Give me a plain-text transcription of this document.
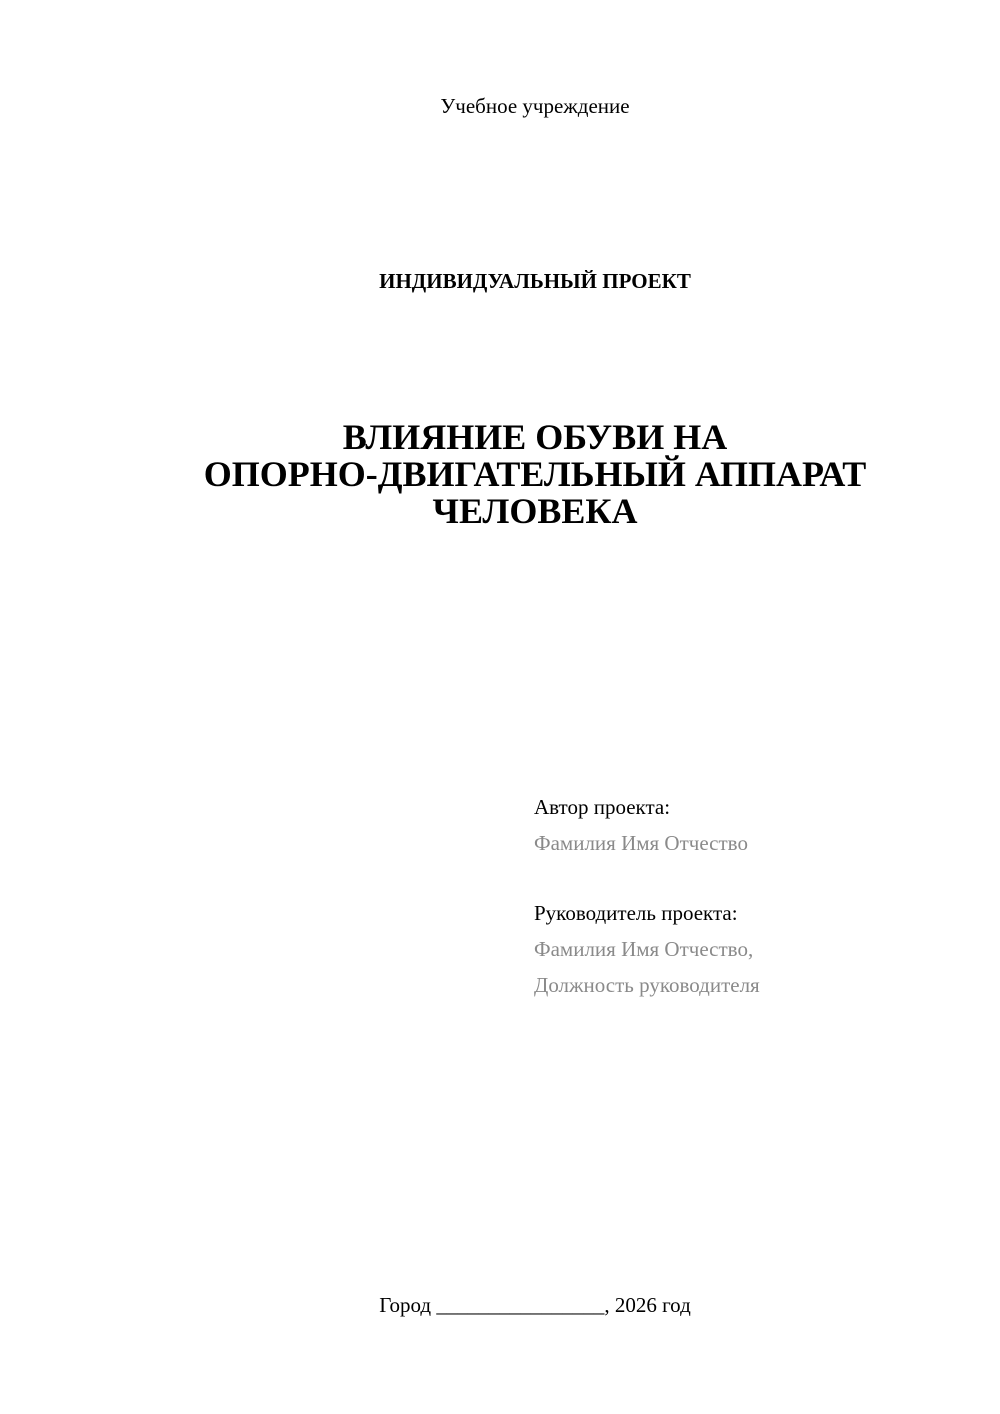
Учебное учреждение
ИНДИВИДУАЛЬНЫЙ ПРОЕКТ
ВЛИЯНИЕ ОБУВИ НА
ОПОРНО-ДВИГАТЕЛЬНЫЙ АППАРАТ
ЧЕЛОВЕКА
Автор проекта:
Фамилия Имя Отчество
Руководитель проекта:
Фамилия Имя Отчество,
Должность руководителя
Город ________________, 2026 год
